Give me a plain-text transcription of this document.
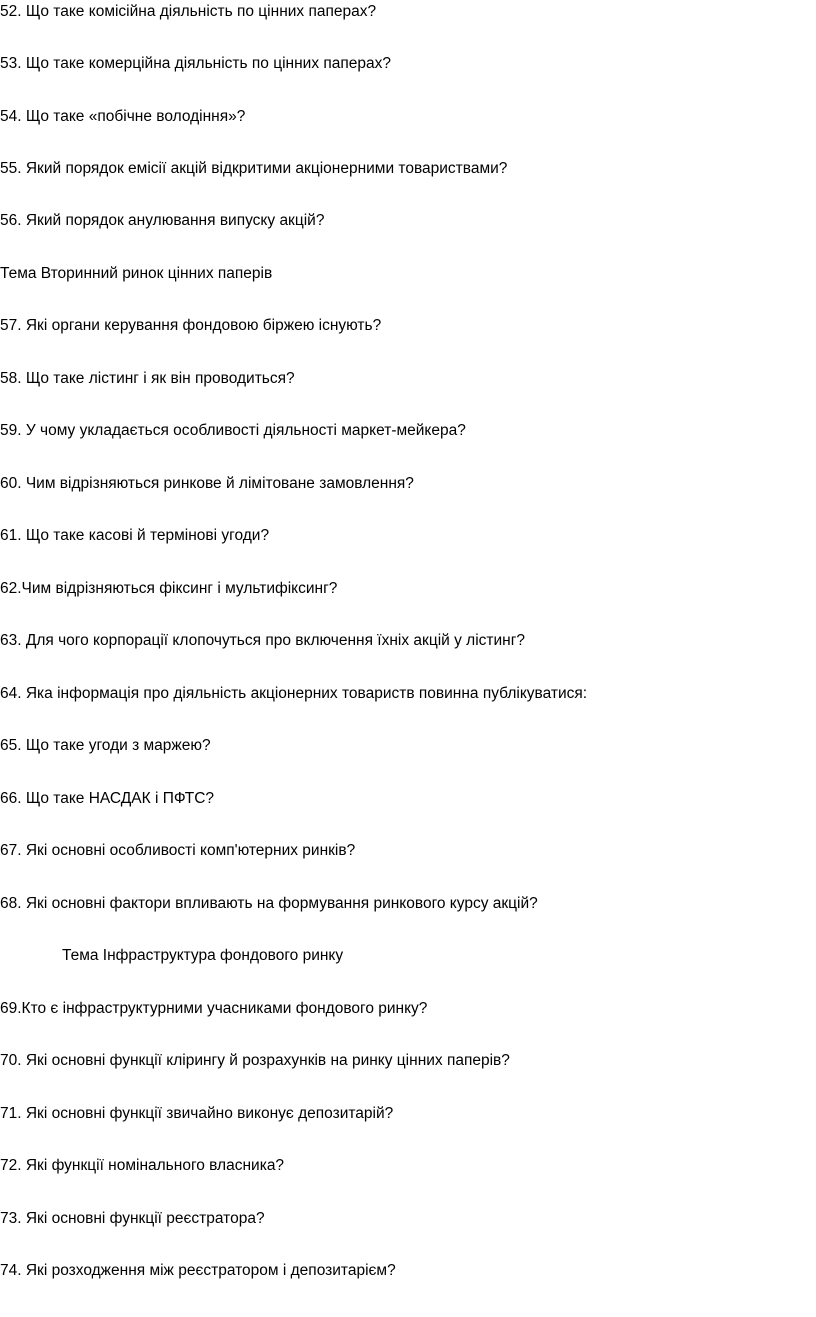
52. Що таке комісійна діяльність по цінних паперах?

53. Що таке комерційна діяльність по цінних паперах?

54. Що таке «побічне володіння»?

55. Який порядок емісії акцій відкритими акціонерними товариствами?

56. Який порядок анулювання випуску акцій?

Тема Вторинний ринок цінних паперів

57. Які органи керування фондовою біржею існують?

58. Що таке лістинг і як він проводиться?

59. У чому укладається особливості діяльності маркет-мейкера?

60. Чим відрізняються ринкове й лімітоване замовлення?

61. Що таке касові й термінові угоди?

62.Чим відрізняються фіксинг і мультифіксинг?

63. Для чого корпорації клопочуться про включення їхніх акцій у лістинг?

64. Яка інформація про діяльність акціонерних товариств повинна публікуватися:

65. Що таке угоди з маржею?

66. Що таке НАСДАК і ПФТС?

67. Які основні особливості комп'ютерних ринків?

68. Які основні фактори впливають на формування ринкового курсу акцій?

Тема Інфраструктура фондового ринку

69.Кто є інфраструктурними учасниками фондового ринку?

70. Які основні функції клірингу й розрахунків на ринку цінних паперів?

71. Які основні функції звичайно виконує депозитарій?

72. Які функції номінального власника?

73. Які основні функції реєстратора?

74. Які розходження між реєстратором і депозитарієм?
